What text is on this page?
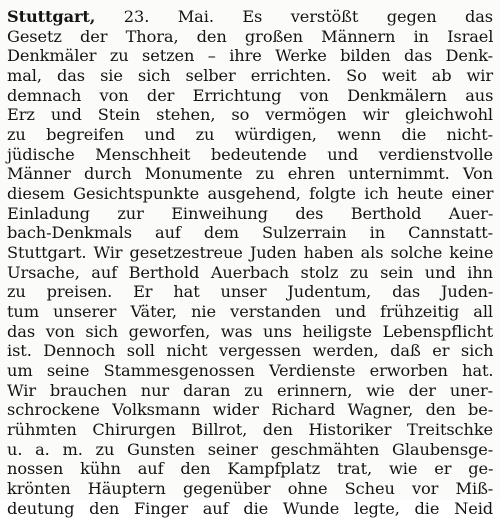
Stuttgart, 23. Mai. Es verstößt gegen das
Gesetz der Thora, den großen Männern in Israel
Denkmäler zu setzen – ihre Werke bilden das Denk-
mal, das sie sich selber errichten. So weit ab wir
demnach von der Errichtung von Denkmälern aus
Erz und Stein stehen, so vermögen wir gleichwohl
zu begreifen und zu würdigen, wenn die nicht-
jüdische Menschheit bedeutende und verdienstvolle
Männer durch Monumente zu ehren unternimmt. Von
diesem Gesichtspunkte ausgehend, folgte ich heute einer
Einladung zur Einweihung des Berthold Auer-
bach-Denkmals auf dem Sulzerrain in Cannstatt-
Stuttgart. Wir gesetzestreue Juden haben als solche keine
Ursache, auf Berthold Auerbach stolz zu sein und ihn
zu preisen. Er hat unser Judentum, das Juden-
tum unserer Väter, nie verstanden und frühzeitig all
das von sich geworfen, was uns heiligste Lebenspflicht
ist. Dennoch soll nicht vergessen werden, daß er sich
um seine Stammesgenossen Verdienste erworben hat.
Wir brauchen nur daran zu erinnern, wie der uner-
schrockene Volksmann wider Richard Wagner, den be-
rühmten Chirurgen Billrot, den Historiker Treitschke
u. a. m. zu Gunsten seiner geschmähten Glaubensge-
nossen kühn auf den Kampfplatz trat, wie er ge-
krönten Häuptern gegenüber ohne Scheu vor Miß-
deutung den Finger auf die Wunde legte, die Neid
